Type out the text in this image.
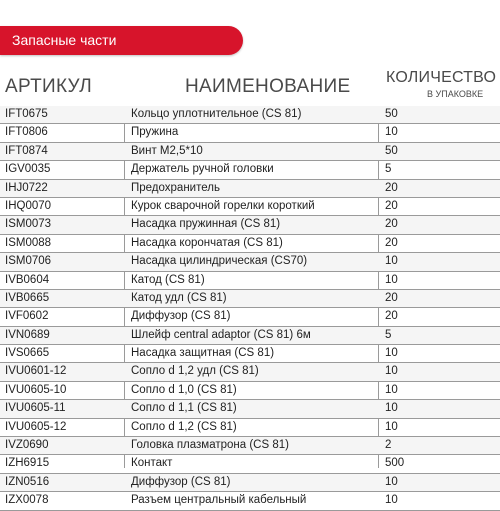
Запасные части
АРТИКУЛ	НАИМЕНОВАНИЕ КОЛИЧЕСТВО
В УПАКОВКЕ
IFT0675	Кольцо уплотнительное (CS 81)	50
IFT0806	Пружина	10
IFT0874	Винт М2,5*10	50
IGV0035	Держатель ручной головки	5
IHJ0722	Предохранитель	20
IHQ0070	Курок сварочной горелки короткий	20
ISM0073	Насадка пружинная (CS 81)	20
ISM0088	Насадка корончатая (CS 81)	20
ISM0706	Насадка цилиндрическая (CS70)	10
IVB0604	Катод (CS 81)	10
IVB0665	Катод удл (CS 81)	20
IVF0602	Диффузор (CS 81)	20
IVN0689	Шлейф central adaptor (CS 81) 6м	5
IVS0665	Насадка защитная (CS 81)	10
IVU0601-12	Сопло d 1,2 удл (CS 81)	10
IVU0605-10	Сопло d 1,0 (CS 81)	10
IVU0605-11	Сопло d 1,1 (CS 81)	10
IVU0605-12	Сопло d 1,2 (CS 81)	10
IVZ0690	Головка плазматрона (CS 81)	2
IZH6915	Контакт	500
IZN0516	Диффузор (CS 81)	10
IZX0078	Разъем центральный кабельный	10
